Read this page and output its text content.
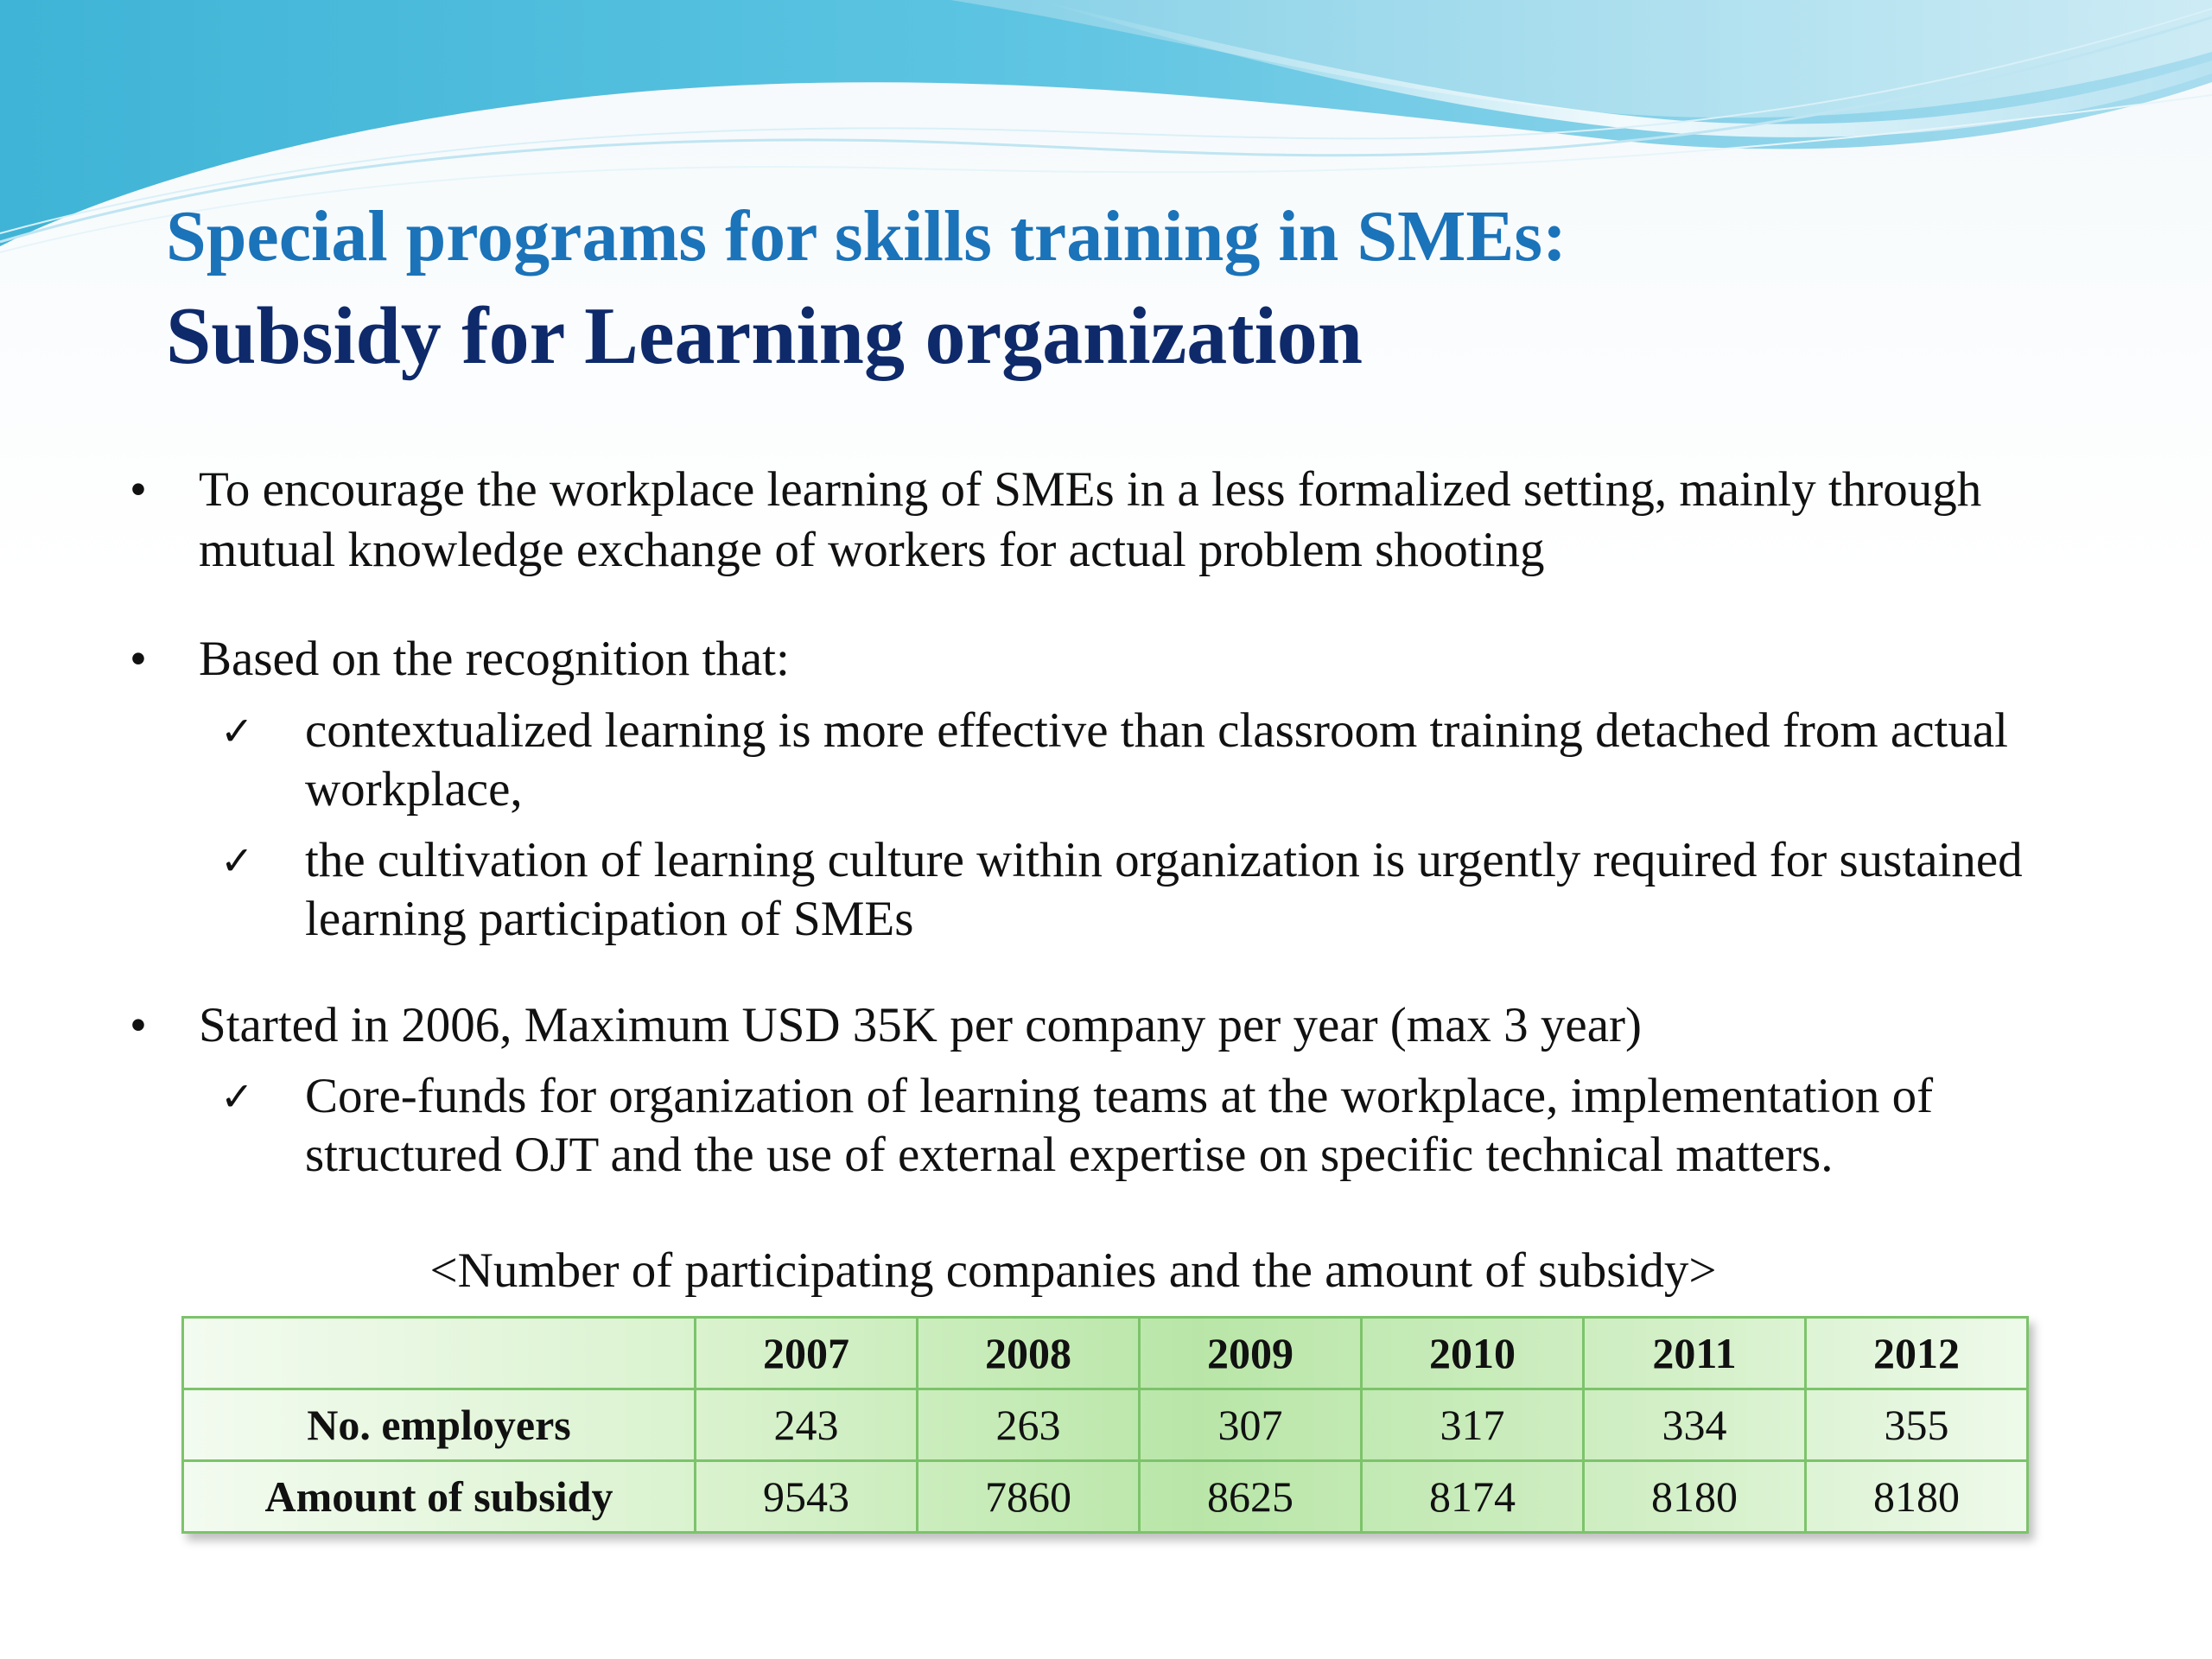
Special programs for skills training in SMEs:
Subsidy for Learning organization
•	To encourage the workplace learning of SMEs in a less formalized setting, mainly through mutual knowledge exchange of workers for actual problem shooting
•	Based on the recognition that:
✓	contextualized learning is more effective than classroom training detached from actual workplace,
✓	the cultivation of learning culture within organization is urgently required for sustained learning participation of SMEs
•	Started in 2006, Maximum USD 35K per company per year (max 3 year)
✓	Core-funds for organization of learning teams at the workplace, implementation of structured OJT and the use of external expertise on specific technical matters.
<Number of participating companies and the amount of subsidy>
	2007	2008	2009	2010	2011	2012
No. employers	243	263	307	317	334	355
Amount of subsidy	9543	7860	8625	8174	8180	8180
